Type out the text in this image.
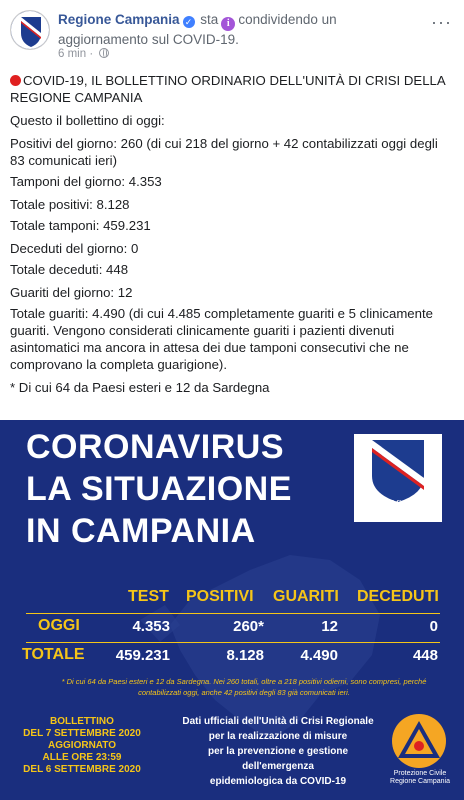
Regione Campania ✓ sta i condividendo un aggiornamento sul COVID-19.
6 min ·
···

COVID-19, IL BOLLETTINO ORDINARIO DELL'UNITÀ DI CRISI DELLA REGIONE CAMPANIA

Questo il bollettino di oggi:

Positivi del giorno: 260 (di cui 218 del giorno + 42 contabilizzati oggi degli 83 comunicati ieri)

Tamponi del giorno: 4.353

Totale positivi: 8.128

Totale tamponi: 459.231

Deceduti del giorno: 0

Totale deceduti: 448

Guariti del giorno: 12

Totale guariti: 4.490 (di cui 4.485 completamente guariti e 5 clinicamente guariti. Vengono considerati clinicamente guariti i pazienti divenuti asintomatici ma ancora in attesa dei due tamponi consecutivi che ne comprovano la completa guarigione).

* Di cui 64 da Paesi esteri e 12 da Sardegna

CORONAVIRUS
LA SITUAZIONE
IN CAMPANIA
REGIONE CAMPANIA
TEST POSITIVI GUARITI DECEDUTI
OGGI	4.353	260*	12	0
TOTALE	459.231	8.128	4.490	448
* Di cui 64 da Paesi esteri e 12 da Sardegna. Nei 260 totali, oltre a 218 positivi odierni, sono compresi, perché contabilizzati oggi, anche 42 positivi degli 83 già comunicati ieri.
BOLLETTINO
DEL 7 SETTEMBRE 2020
AGGIORNATO
ALLE ORE 23:59
DEL 6 SETTEMBRE 2020
Dati ufficiali dell'Unità di Crisi Regionale
per la realizzazione di misure
per la prevenzione e gestione dell'emergenza
epidemiologica da COVID-19
Protezione Civile
Regione Campania
